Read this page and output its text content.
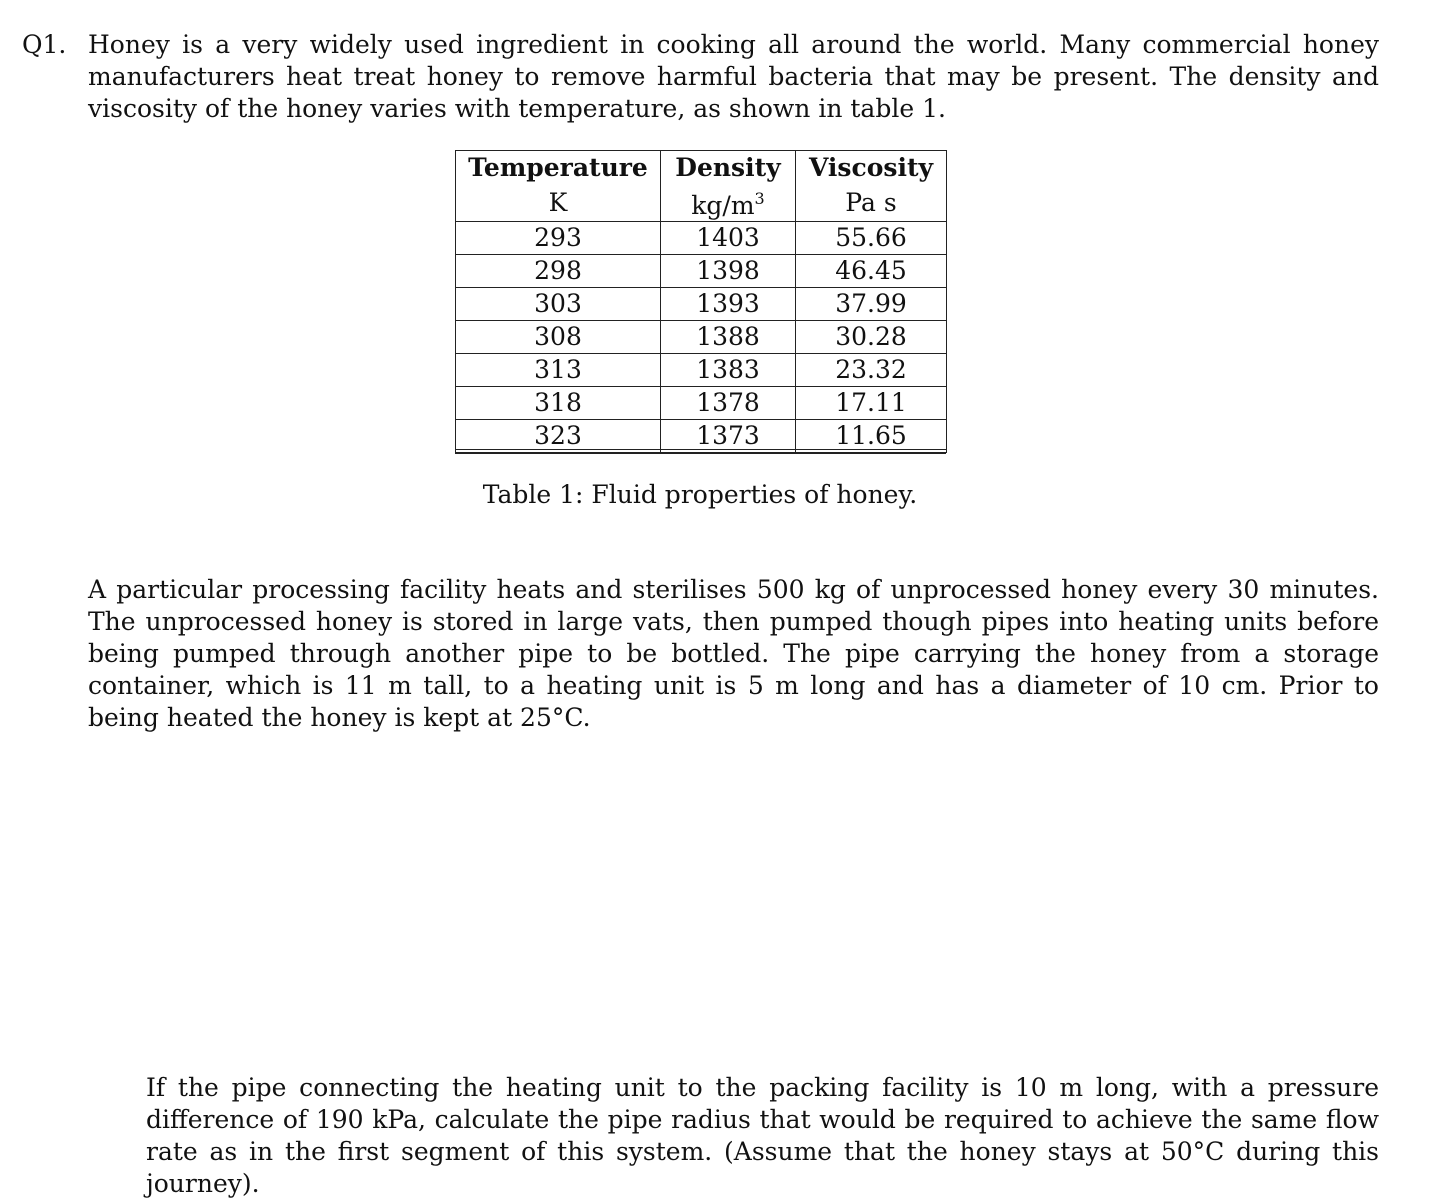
Q1. Honey is a very widely used ingredient in cooking all around the world. Many commercial honey manufacturers heat treat honey to remove harmful bacteria that may be present. The density and viscosity of the honey varies with temperature, as shown in table 1.
Temperature	Density	Viscosity
K	$kg/m^3$	Pa s
293	1403	55.66
298	1398	46.45
303	1393	37.99
308	1388	30.28
313	1383	23.32
318	1378	17.11
323	1373	11.65
Table 1: Fluid properties of honey.
A particular processing facility heats and sterilises 500 kg of unprocessed honey every 30 minutes. The unprocessed honey is stored in large vats, then pumped though pipes into heating units before being pumped through another pipe to be bottled. The pipe carrying the honey from a storage container, which is 11 m tall, to a heating unit is 5 m long and has a diameter of 10 cm. Prior to being heated the honey is kept at 25°C.
If the pipe connecting the heating unit to the packing facility is 10 m long, with a pressure difference of 190 kPa, calculate the pipe radius that would be required to achieve the same flow rate as in the first segment of this system. (Assume that the honey stays at 50°C during this journey).
